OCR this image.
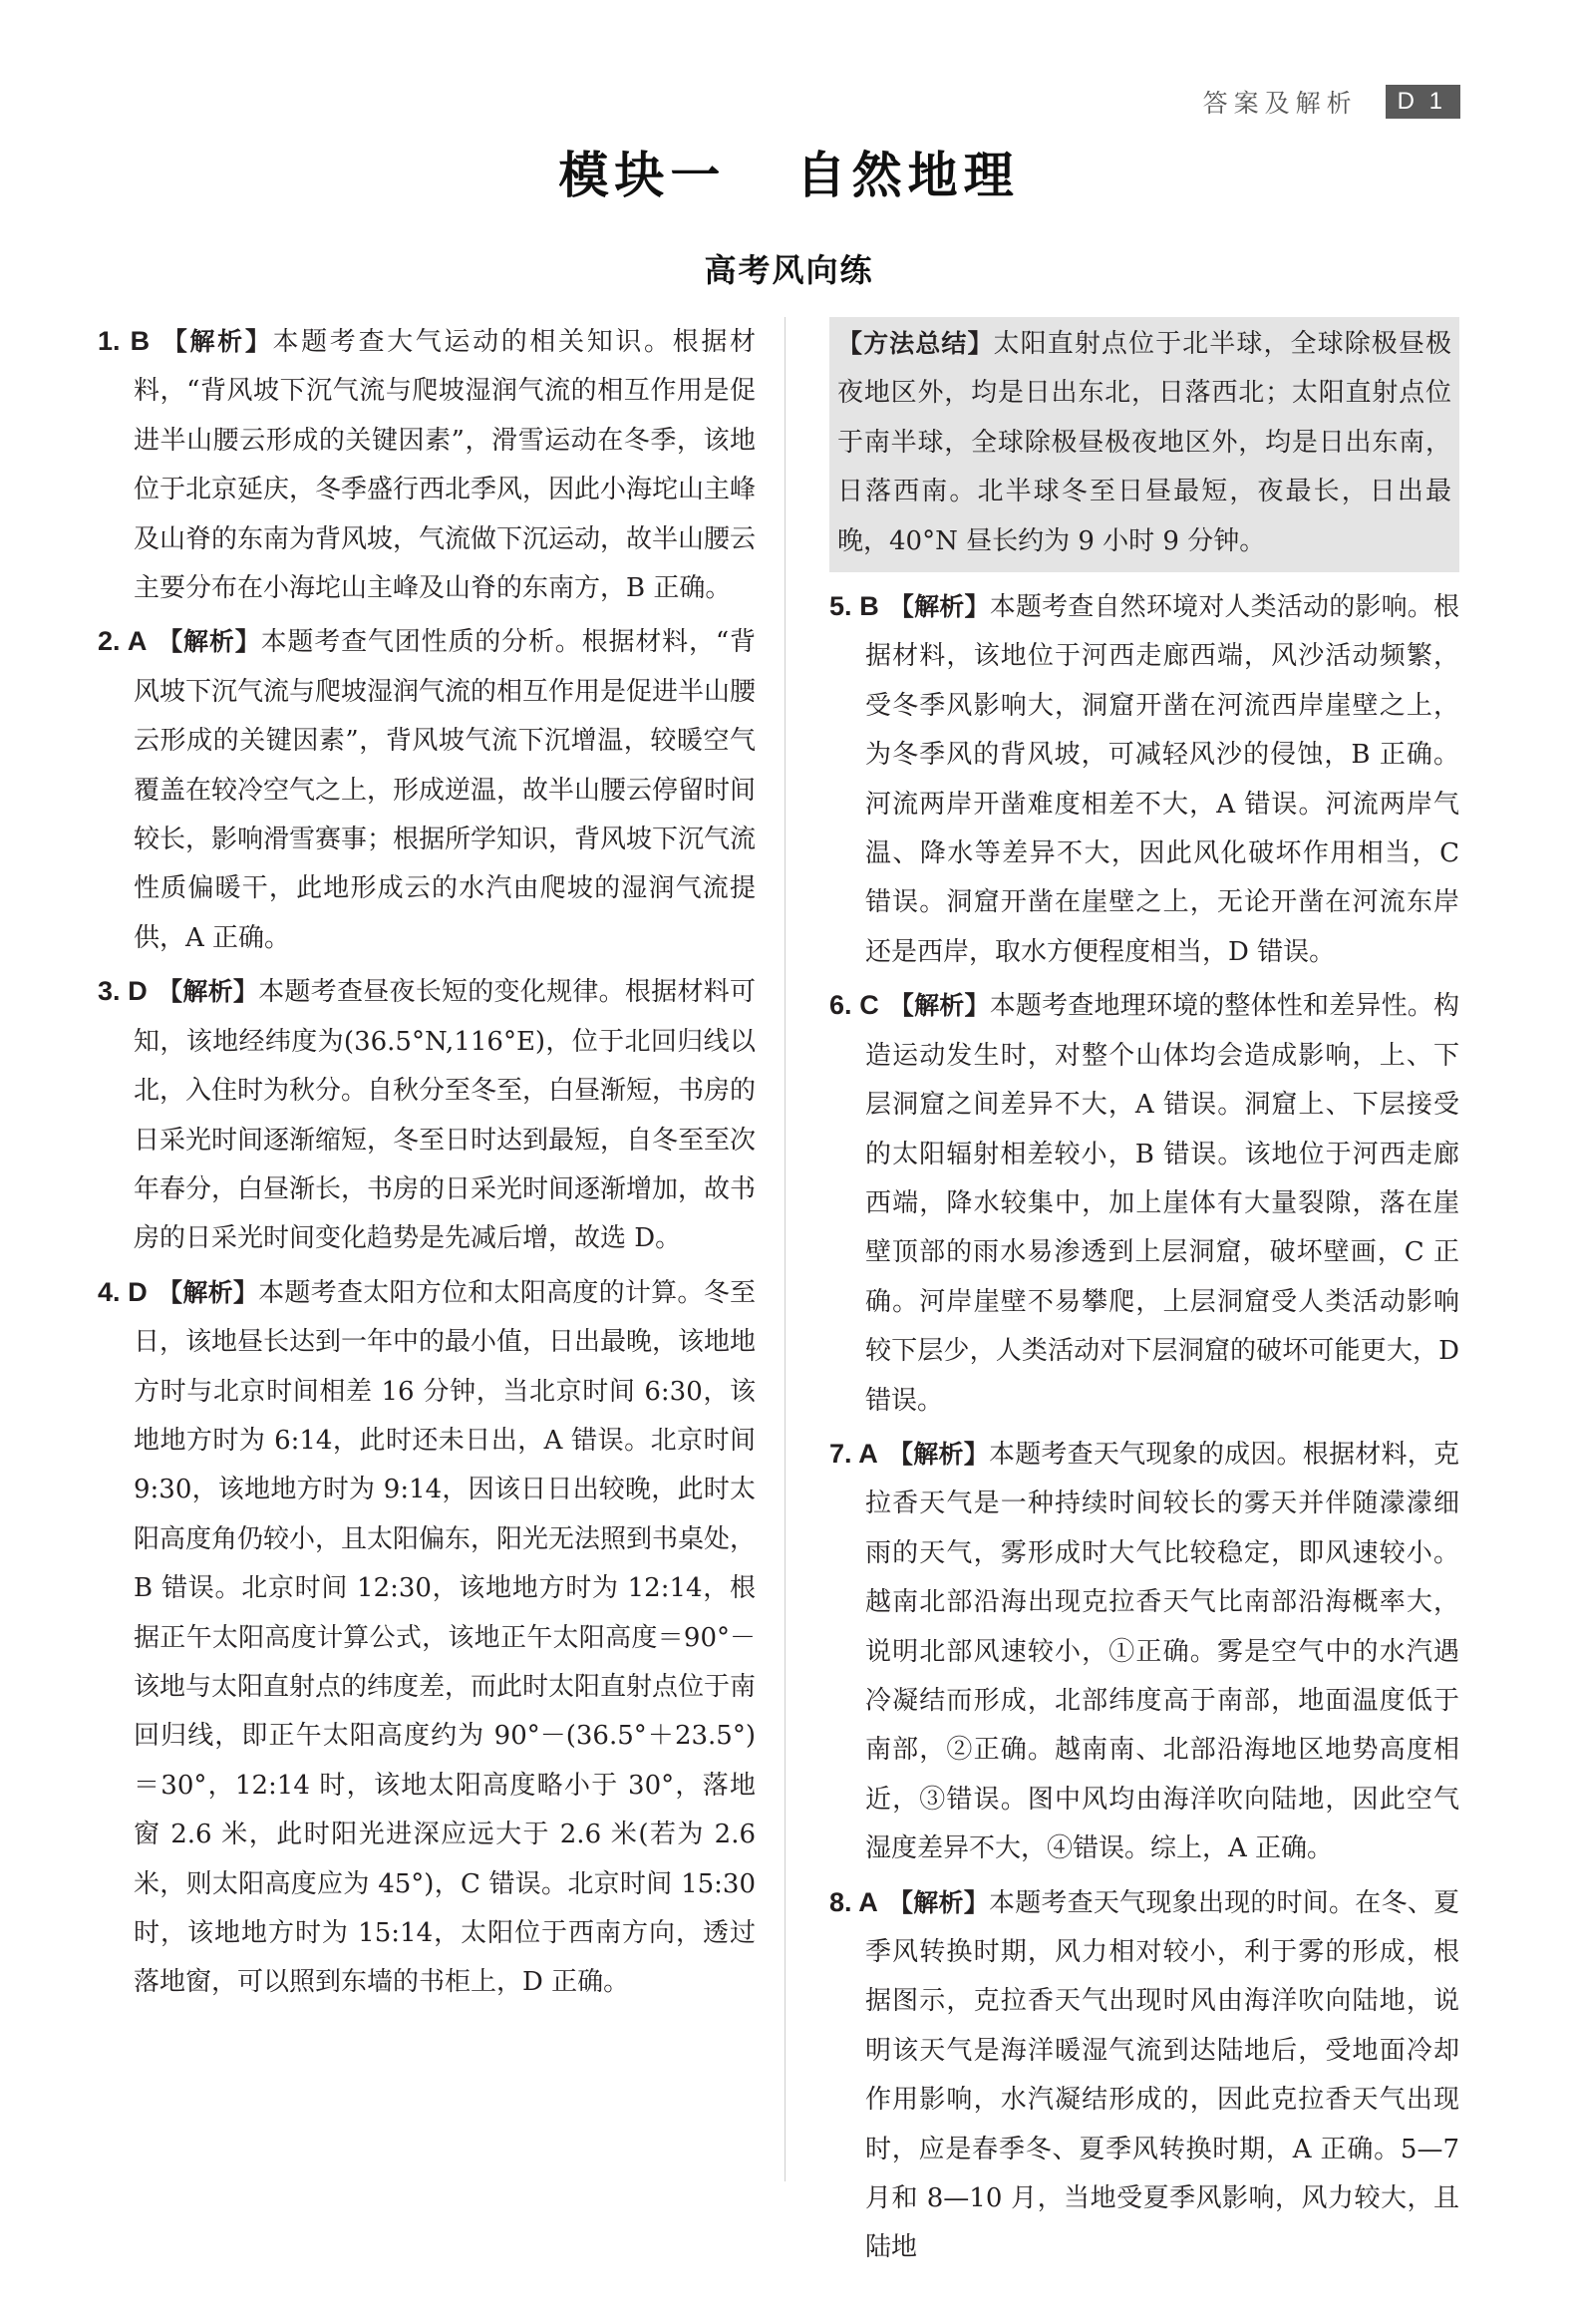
答案及解析	D 1
模块一   自然地理
高考风向练

1. B 【解析】本题考查大气运动的相关知识。根据材料，“背风坡下沉气流与爬坡湿润气流的相互作用是促进半山腰云形成的关键因素”，滑雪运动在冬季，该地位于北京延庆，冬季盛行西北季风，因此小海坨山主峰及山脊的东南为背风坡，气流做下沉运动，故半山腰云主要分布在小海坨山主峰及山脊的东南方，B 正确。

2. A 【解析】本题考查气团性质的分析。根据材料，“背风坡下沉气流与爬坡湿润气流的相互作用是促进半山腰云形成的关键因素”，背风坡气流下沉增温，较暖空气覆盖在较冷空气之上，形成逆温，故半山腰云停留时间较长，影响滑雪赛事；根据所学知识，背风坡下沉气流性质偏暖干，此地形成云的水汽由爬坡的湿润气流提供，A 正确。

3. D 【解析】本题考查昼夜长短的变化规律。根据材料可知，该地经纬度为(36.5°N,116°E)，位于北回归线以北，入住时为秋分。自秋分至冬至，白昼渐短，书房的日采光时间逐渐缩短，冬至日时达到最短，自冬至至次年春分，白昼渐长，书房的日采光时间逐渐增加，故书房的日采光时间变化趋势是先减后增，故选 D。

4. D 【解析】本题考查太阳方位和太阳高度的计算。冬至日，该地昼长达到一年中的最小值，日出最晚，该地地方时与北京时间相差 16 分钟，当北京时间 6:30，该地地方时为 6:14，此时还未日出，A 错误。北京时间 9:30，该地地方时为 9:14，因该日日出较晚，此时太阳高度角仍较小，且太阳偏东，阳光无法照到书桌处，B 错误。北京时间 12:30，该地地方时为 12:14，根据正午太阳高度计算公式，该地正午太阳高度＝90°－该地与太阳直射点的纬度差，而此时太阳直射点位于南回归线，即正午太阳高度约为 90°－(36.5°＋23.5°)＝30°，12:14 时，该地太阳高度略小于 30°，落地窗 2.6 米，此时阳光进深应远大于 2.6 米(若为 2.6 米，则太阳高度应为 45°)，C 错误。北京时间 15:30 时，该地地方时为 15:14，太阳位于西南方向，透过落地窗，可以照到东墙的书柜上，D 正确。

【方法总结】太阳直射点位于北半球，全球除极昼极夜地区外，均是日出东北，日落西北；太阳直射点位于南半球，全球除极昼极夜地区外，均是日出东南，日落西南。北半球冬至日昼最短，夜最长，日出最晚，40°N 昼长约为 9 小时 9 分钟。

5. B 【解析】本题考查自然环境对人类活动的影响。根据材料，该地位于河西走廊西端，风沙活动频繁，受冬季风影响大，洞窟开凿在河流西岸崖壁之上，为冬季风的背风坡，可减轻风沙的侵蚀，B 正确。河流两岸开凿难度相差不大，A 错误。河流两岸气温、降水等差异不大，因此风化破坏作用相当，C 错误。洞窟开凿在崖壁之上，无论开凿在河流东岸还是西岸，取水方便程度相当，D 错误。

6. C 【解析】本题考查地理环境的整体性和差异性。构造运动发生时，对整个山体均会造成影响，上、下层洞窟之间差异不大，A 错误。洞窟上、下层接受的太阳辐射相差较小，B 错误。该地位于河西走廊西端，降水较集中，加上崖体有大量裂隙，落在崖壁顶部的雨水易渗透到上层洞窟，破坏壁画，C 正确。河岸崖壁不易攀爬，上层洞窟受人类活动影响较下层少，人类活动对下层洞窟的破坏可能更大，D 错误。

7. A 【解析】本题考查天气现象的成因。根据材料，克拉香天气是一种持续时间较长的雾天并伴随濛濛细雨的天气，雾形成时大气比较稳定，即风速较小。越南北部沿海出现克拉香天气比南部沿海概率大，说明北部风速较小，①正确。雾是空气中的水汽遇冷凝结而形成，北部纬度高于南部，地面温度低于南部，②正确。越南南、北部沿海地区地势高度相近，③错误。图中风均由海洋吹向陆地，因此空气湿度差异不大，④错误。综上，A 正确。

8. A 【解析】本题考查天气现象出现的时间。在冬、夏季风转换时期，风力相对较小，利于雾的形成，根据图示，克拉香天气出现时风由海洋吹向陆地，说明该天气是海洋暖湿气流到达陆地后，受地面冷却作用影响，水汽凝结形成的，因此克拉香天气出现时，应是春季冬、夏季风转换时期，A 正确。5—7 月和 8—10 月，当地受夏季风影响，风力较大，且陆地
